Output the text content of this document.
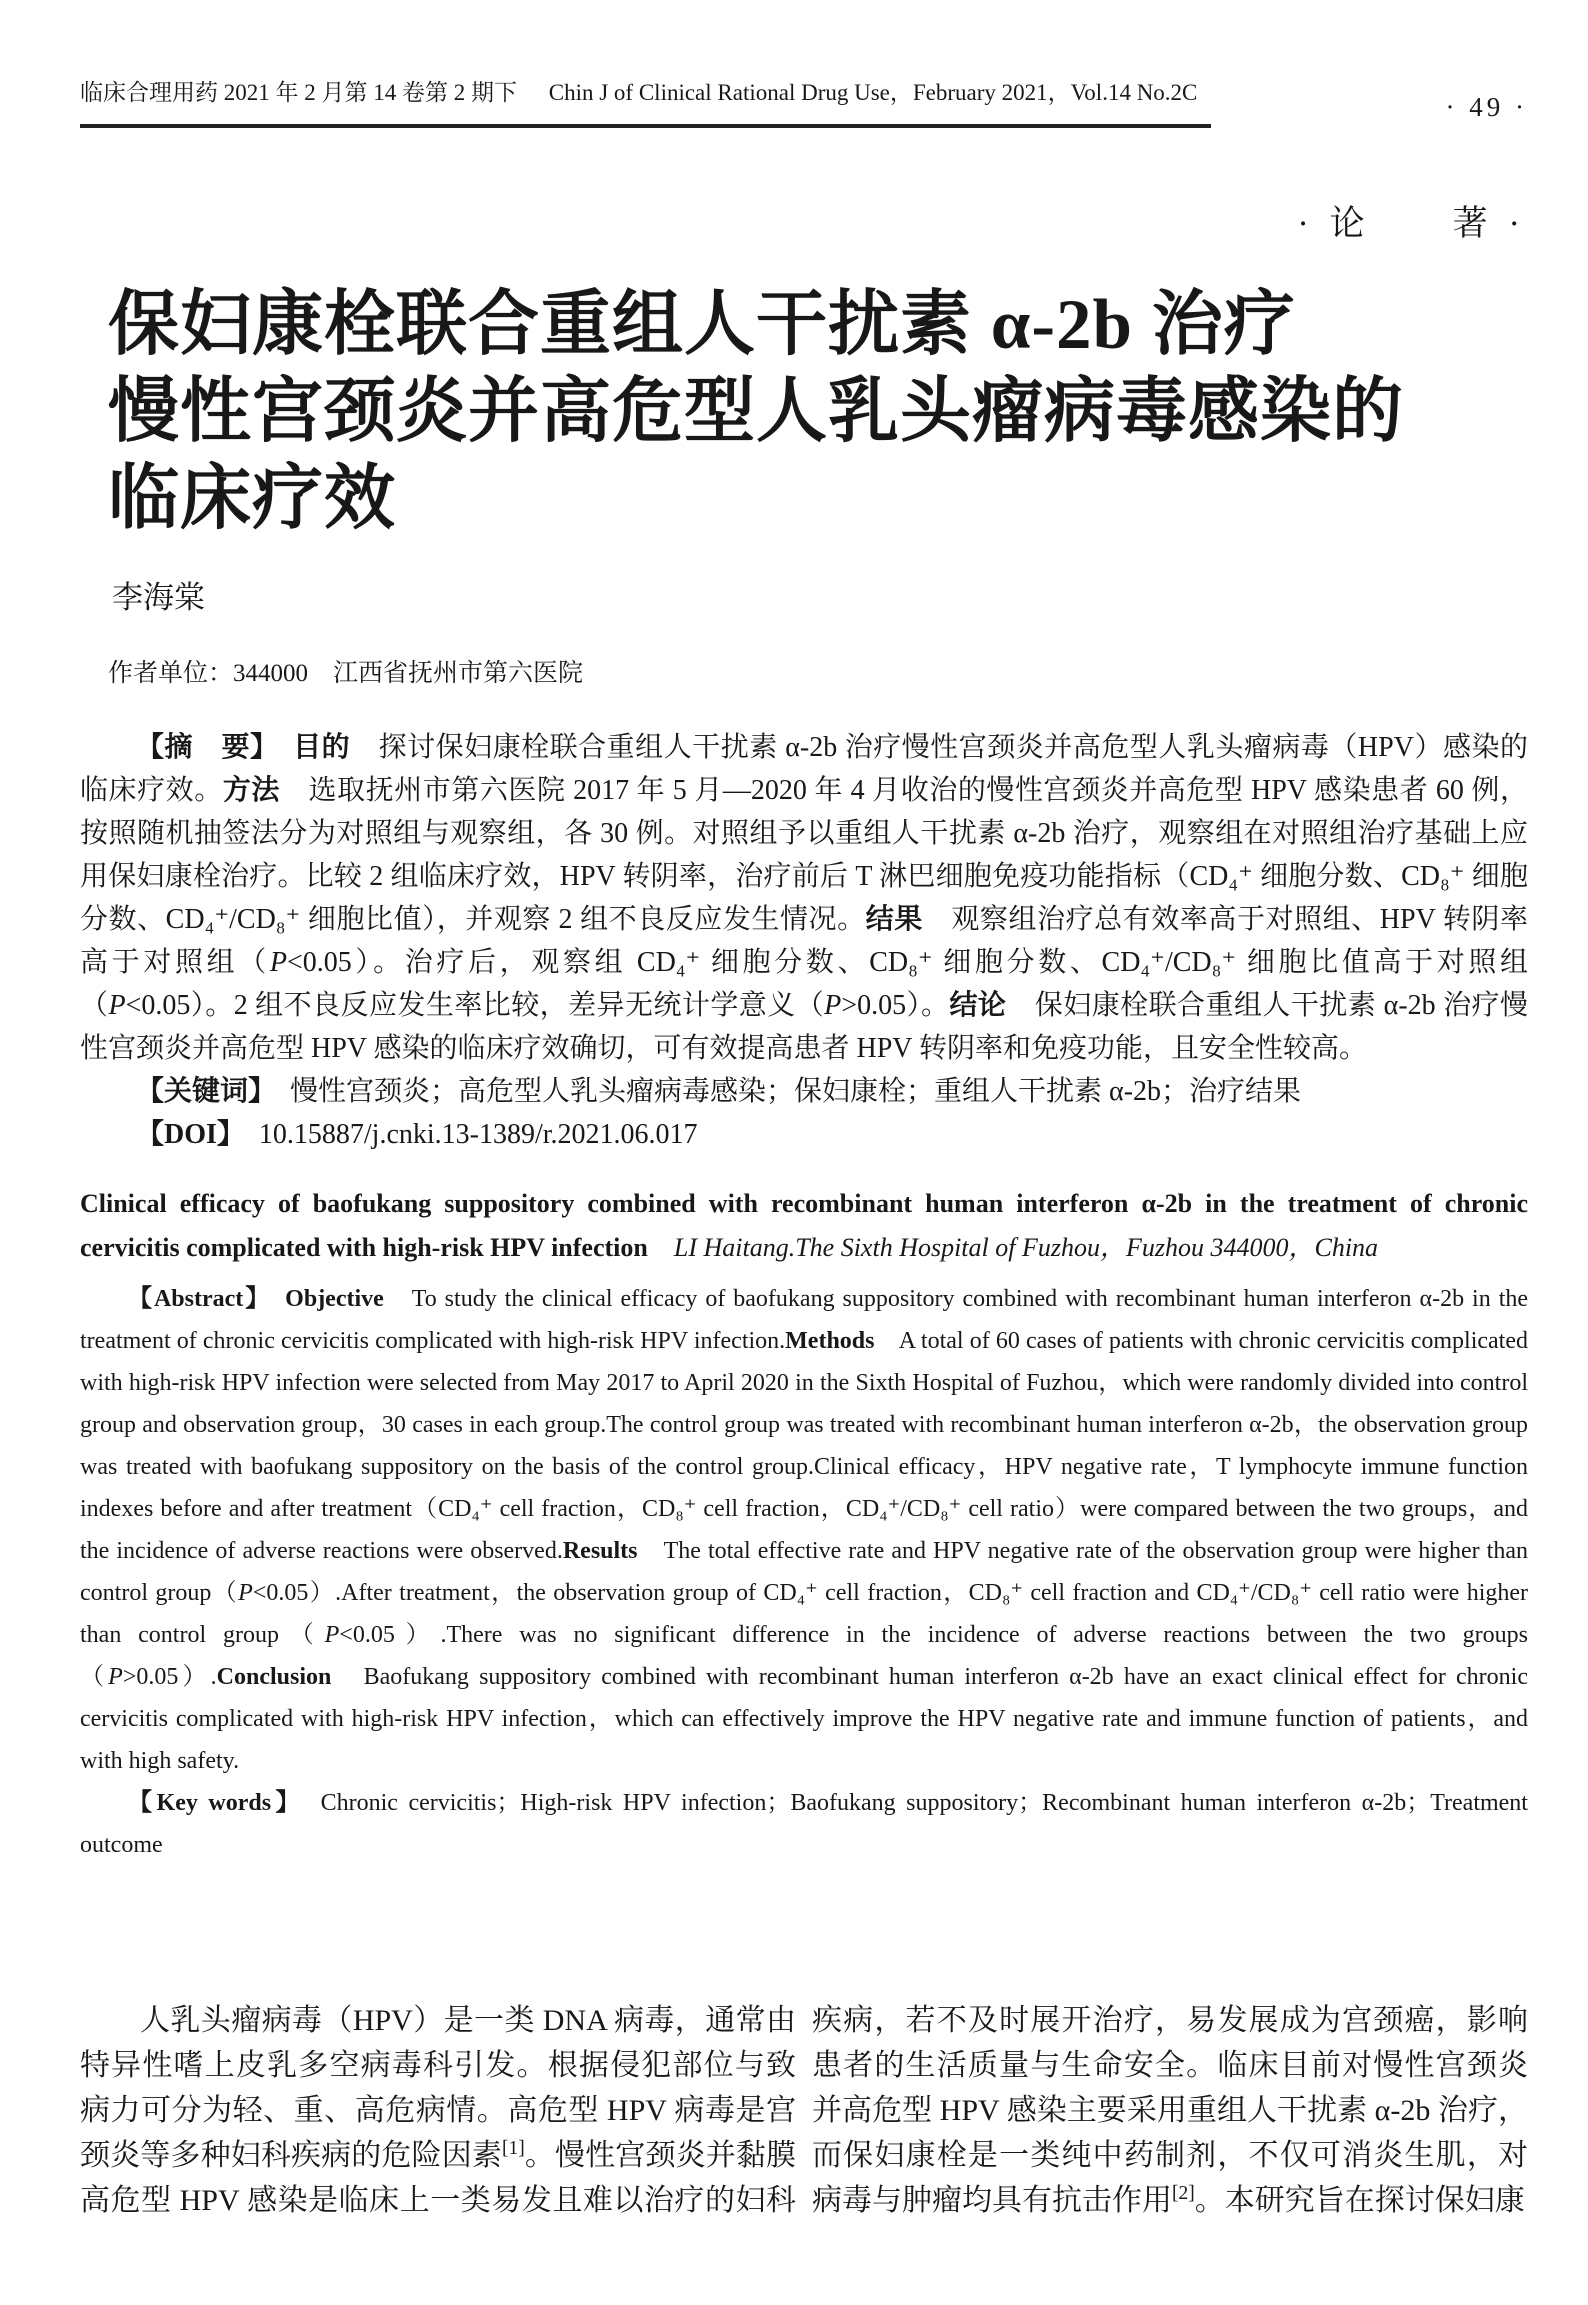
临床合理用药 2021 年 2 月第 14 卷第 2 期下 Chin J of Clinical Rational Drug Use，February 2021，Vol.14 No.2C	· 49 ·
· 论　　著 ·
保妇康栓联合重组人干扰素 α-2b 治疗
慢性宫颈炎并高危型人乳头瘤病毒感染的
临床疗效
李海棠
作者单位：344000　江西省抚州市第六医院

【摘　要】　目的　探讨保妇康栓联合重组人干扰素 α-2b 治疗慢性宫颈炎并高危型人乳头瘤病毒（HPV）感染的临床疗效。方法　选取抚州市第六医院 2017 年 5 月—2020 年 4 月收治的慢性宫颈炎并高危型 HPV 感染患者 60 例，按照随机抽签法分为对照组与观察组，各 30 例。对照组予以重组人干扰素 α-2b 治疗，观察组在对照组治疗基础上应用保妇康栓治疗。比较 2 组临床疗效，HPV 转阴率，治疗前后 T 淋巴细胞免疫功能指标（CD₄⁺ 细胞分数、CD₈⁺ 细胞分数、CD₄⁺/CD₈⁺ 细胞比值），并观察 2 组不良反应发生情况。结果　观察组治疗总有效率高于对照组、HPV 转阴率高于对照组（P<0.05）。治疗后，观察组 CD₄⁺ 细胞分数、CD₈⁺ 细胞分数、CD₄⁺/CD₈⁺ 细胞比值高于对照组（P<0.05）。2 组不良反应发生率比较，差异无统计学意义（P>0.05）。结论　保妇康栓联合重组人干扰素 α-2b 治疗慢性宫颈炎并高危型 HPV 感染的临床疗效确切，可有效提高患者 HPV 转阴率和免疫功能，且安全性较高。

【关键词】　慢性宫颈炎；高危型人乳头瘤病毒感染；保妇康栓；重组人干扰素 α-2b；治疗结果

【DOI】　10.15887/j.cnki.13-1389/r.2021.06.017

Clinical efficacy of baofukang suppository combined with recombinant human interferon α-2b in the treatment of chronic cervicitis complicated with high-risk HPV infection　LI Haitang.The Sixth Hospital of Fuzhou，Fuzhou 344000，China

【Abstract】　Objective　To study the clinical efficacy of baofukang suppository combined with recombinant human interferon α-2b in the treatment of chronic cervicitis complicated with high-risk HPV infection.Methods　A total of 60 cases of patients with chronic cervicitis complicated with high-risk HPV infection were selected from May 2017 to April 2020 in the Sixth Hospital of Fuzhou，which were randomly divided into control group and observation group，30 cases in each group.The control group was treated with recombinant human interferon α-2b，the observation group was treated with baofukang suppository on the basis of the control group.Clinical efficacy，HPV negative rate，T lymphocyte immune function indexes before and after treatment（CD₄⁺ cell fraction，CD₈⁺ cell fraction，CD₄⁺/CD₈⁺ cell ratio）were compared between the two groups，and the incidence of adverse reactions were observed.Results　The total effective rate and HPV negative rate of the observation group were higher than control group（P<0.05）.After treatment，the observation group of CD₄⁺ cell fraction，CD₈⁺ cell fraction and CD₄⁺/CD₈⁺ cell ratio were higher than control group（P<0.05）.There was no significant difference in the incidence of adverse reactions between the two groups（P>0.05）.Conclusion　Baofukang suppository combined with recombinant human interferon α-2b have an exact clinical effect for chronic cervicitis complicated with high-risk HPV infection，which can effectively improve the HPV negative rate and immune function of patients，and with high safety.

【Key words】　Chronic cervicitis；High-risk HPV infection；Baofukang suppository；Recombinant human interferon α-2b；Treatment outcome

人乳头瘤病毒（HPV）是一类 DNA 病毒，通常由特异性嗜上皮乳多空病毒科引发。根据侵犯部位与致病力可分为轻、重、高危病情。高危型 HPV 病毒是宫颈炎等多种妇科疾病的危险因素[1]。慢性宫颈炎并黏膜高危型 HPV 感染是临床上一类易发且难以治疗的妇科疾病，若不及时展开治疗，易发展成为宫颈癌，影响患者的生活质量与生命安全。临床目前对慢性宫颈炎并高危型 HPV 感染主要采用重组人干扰素 α-2b 治疗，而保妇康栓是一类纯中药制剂，不仅可消炎生肌，对病毒与肿瘤均具有抗击作用[2]。本研究旨在探讨保妇康
